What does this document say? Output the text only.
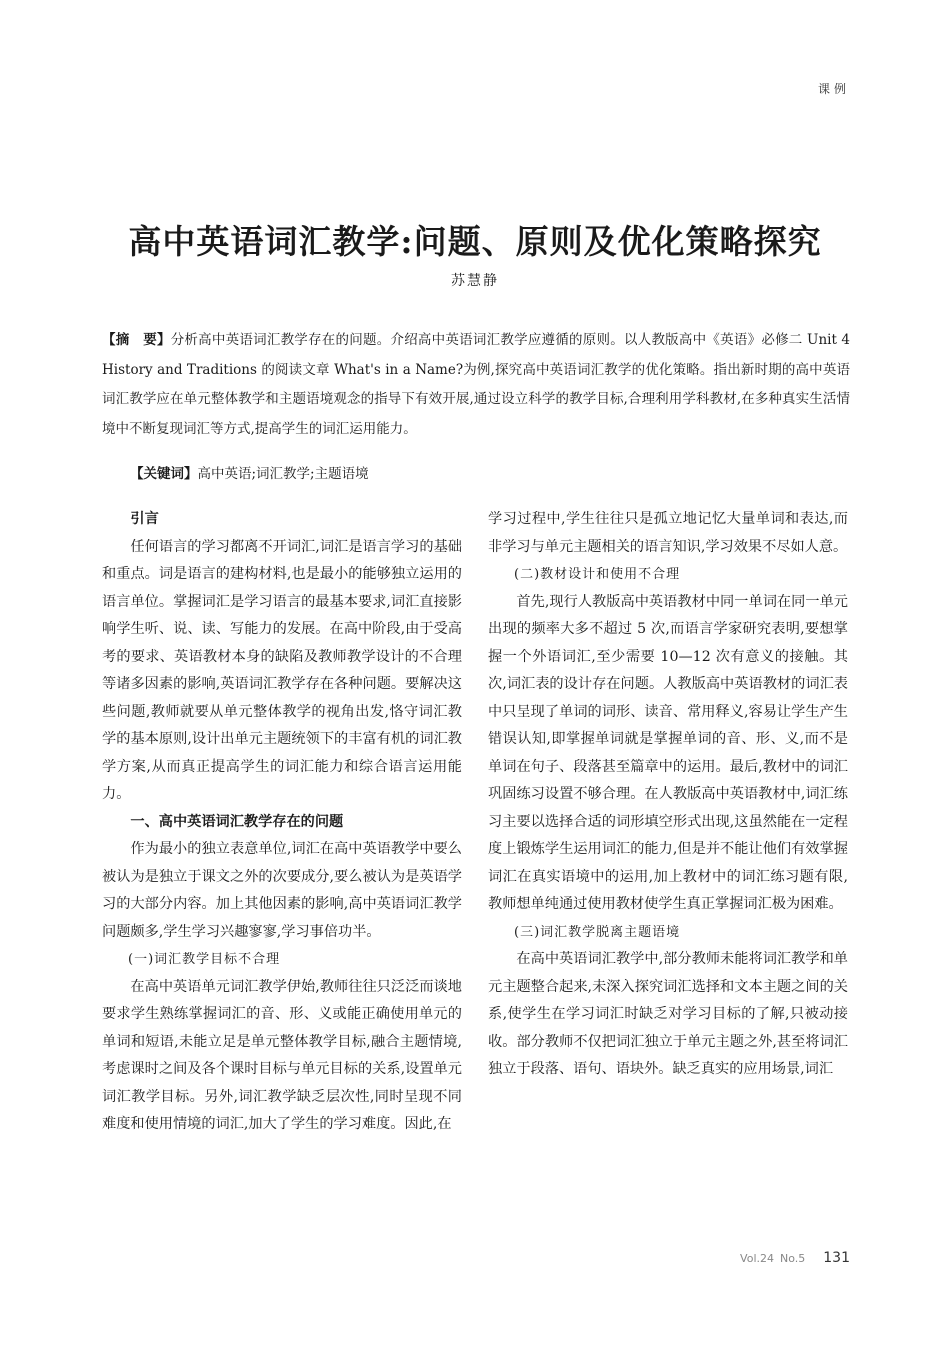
课例
高中英语词汇教学:问题、原则及优化策略探究
苏慧静

【摘　要】分析高中英语词汇教学存在的问题。介绍高中英语词汇教学应遵循的原则。以人教版高中《英语》必修二 Unit 4 History and Traditions 的阅读文章 What's in a Name?为例,探究高中英语词汇教学的优化策略。指出新时期的高中英语词汇教学应在单元整体教学和主题语境观念的指导下有效开展,通过设立科学的教学目标,合理利用学科教材,在多种真实生活情境中不断复现词汇等方式,提高学生的词汇运用能力。

【关键词】高中英语;词汇教学;主题语境

引言

任何语言的学习都离不开词汇,词汇是语言学习的基础和重点。词是语言的建构材料,也是最小的能够独立运用的语言单位。掌握词汇是学习语言的最基本要求,词汇直接影响学生听、说、读、写能力的发展。在高中阶段,由于受高考的要求、英语教材本身的缺陷及教师教学设计的不合理等诸多因素的影响,英语词汇教学存在各种问题。要解决这些问题,教师就要从单元整体教学的视角出发,恪守词汇教学的基本原则,设计出单元主题统领下的丰富有机的词汇教学方案,从而真正提高学生的词汇能力和综合语言运用能力。

一、高中英语词汇教学存在的问题

作为最小的独立表意单位,词汇在高中英语教学中要么被认为是独立于课文之外的次要成分,要么被认为是英语学习的大部分内容。加上其他因素的影响,高中英语词汇教学问题颇多,学生学习兴趣寥寥,学习事倍功半。

(一)词汇教学目标不合理

在高中英语单元词汇教学伊始,教师往往只泛泛而谈地要求学生熟练掌握词汇的音、形、义或能正确使用单元的单词和短语,未能立足是单元整体教学目标,融合主题情境,考虑课时之间及各个课时目标与单元目标的关系,设置单元词汇教学目标。另外,词汇教学缺乏层次性,同时呈现不同难度和使用情境的词汇,加大了学生的学习难度。因此,在

学习过程中,学生往往只是孤立地记忆大量单词和表达,而非学习与单元主题相关的语言知识,学习效果不尽如人意。

(二)教材设计和使用不合理

首先,现行人教版高中英语教材中同一单词在同一单元出现的频率大多不超过 5 次,而语言学家研究表明,要想掌握一个外语词汇,至少需要 10—12 次有意义的接触。其次,词汇表的设计存在问题。人教版高中英语教材的词汇表中只呈现了单词的词形、读音、常用释义,容易让学生产生错误认知,即掌握单词就是掌握单词的音、形、义,而不是单词在句子、段落甚至篇章中的运用。最后,教材中的词汇巩固练习设置不够合理。在人教版高中英语教材中,词汇练习主要以选择合适的词形填空形式出现,这虽然能在一定程度上锻炼学生运用词汇的能力,但是并不能让他们有效掌握词汇在真实语境中的运用,加上教材中的词汇练习题有限,教师想单纯通过使用教材使学生真正掌握词汇极为困难。

(三)词汇教学脱离主题语境

在高中英语词汇教学中,部分教师未能将词汇教学和单元主题整合起来,未深入探究词汇选择和文本主题之间的关系,使学生在学习词汇时缺乏对学习目标的了解,只被动接收。部分教师不仅把词汇独立于单元主题之外,甚至将词汇独立于段落、语句、语块外。缺乏真实的应用场景,词汇

Vol.24 No.5 131
